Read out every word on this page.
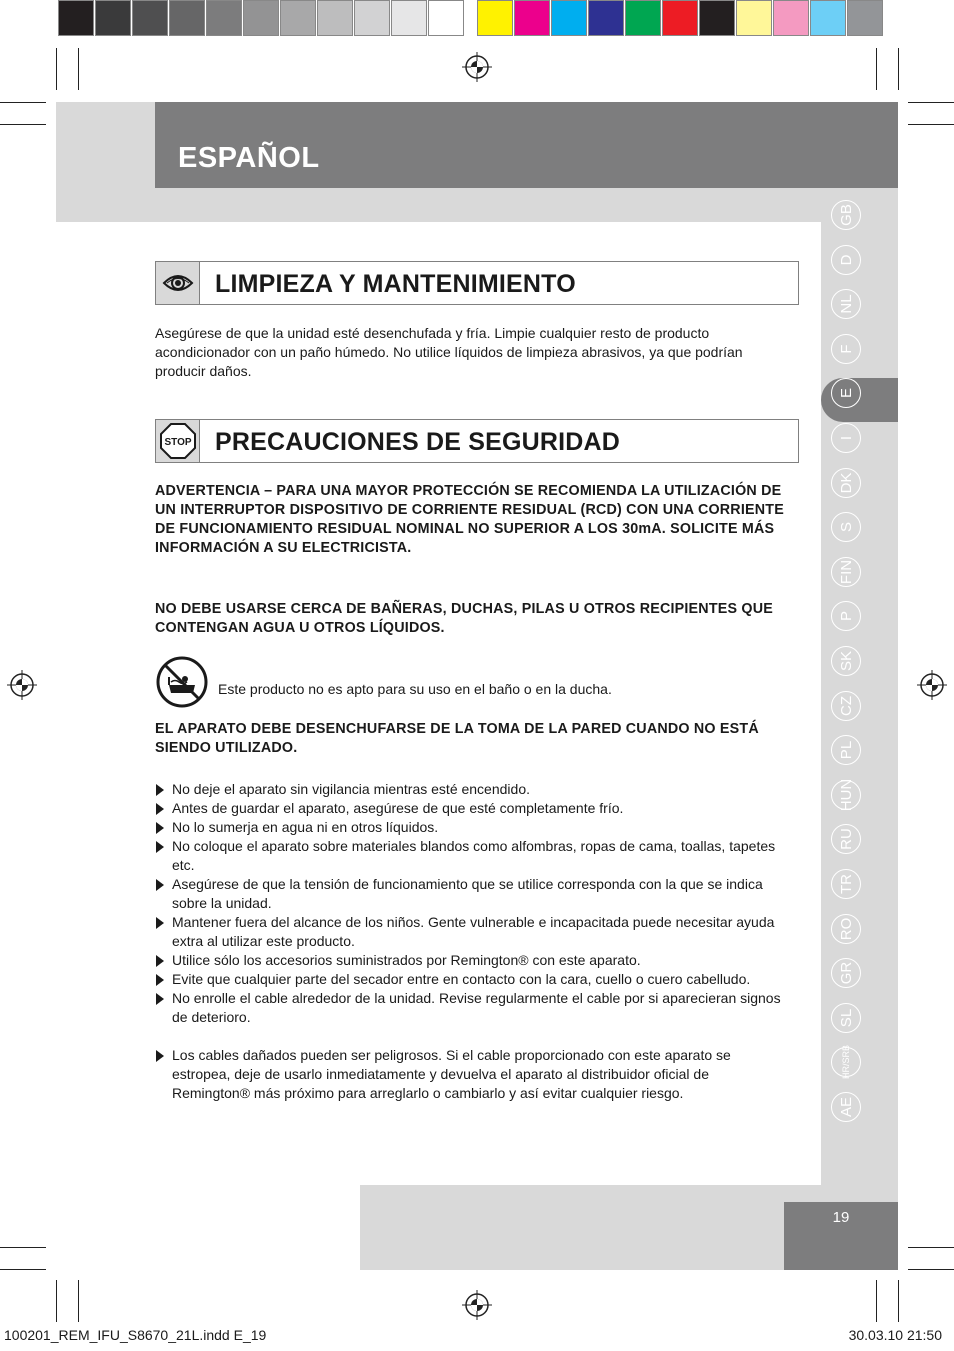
ESPAÑOL
GB
D
NL
F
E
I
DK
S
FIN
P
SK
CZ
PL
HUN
RU
TR
RO
GR
SL
HR/SRB
AE
19
LIMPIEZA Y MANTENIMIENTO
Asegúrese de que la unidad esté desenchufada y fría. Limpie cualquier resto de producto acondicionador con un paño húmedo. No utilice líquidos de limpieza abrasivos, ya que podrían producir daños.
STOP PRECAUCIONES DE SEGURIDAD
ADVERTENCIA – PARA UNA MAYOR PROTECCIÓN SE RECOMIENDA LA UTILIZACIÓN DE UN INTERRUPTOR DISPOSITIVO DE CORRIENTE RESIDUAL (RCD) CON UNA CORRIENTE DE FUNCIONAMIENTO RESIDUAL NOMINAL NO SUPERIOR A LOS 30mA. SOLICITE MÁS INFORMACIÓN A SU ELECTRICISTA.
NO DEBE USARSE CERCA DE BAÑERAS, DUCHAS, PILAS U OTROS RECIPIENTES QUE CONTENGAN AGUA U OTROS LÍQUIDOS.
Este producto no es apto para su uso en el baño o en la ducha.
EL APARATO DEBE DESENCHUFARSE DE LA TOMA DE LA PARED CUANDO NO ESTÁ SIENDO UTILIZADO.
No deje el aparato sin vigilancia mientras esté encendido.
Antes de guardar el aparato, asegúrese de que esté completamente frío.
No lo sumerja en agua ni en otros líquidos.
No coloque el aparato sobre materiales blandos como alfombras, ropas de cama, toallas, tapetes etc.
Asegúrese de que la tensión de funcionamiento que se utilice corresponda con la que se indica sobre la unidad.
Mantener fuera del alcance de los niños. Gente vulnerable e incapacitada puede necesitar ayuda extra al utilizar este producto.
Utilice sólo los accesorios suministrados por Remington® con este aparato.
Evite que cualquier parte del secador entre en contacto con la cara, cuello o cuero cabelludo.
No enrolle el cable alrededor de la unidad. Revise regularmente el cable por si aparecieran signos de deterioro.
Los cables dañados pueden ser peligrosos. Si el cable proporcionado con este aparato se estropea, deje de usarlo inmediatamente y devuelva el aparato al distribuidor oficial de Remington® más próximo para arreglarlo o cambiarlo y así evitar cualquier riesgo.
100201_REM_IFU_S8670_21L.indd E_19	30.03.10 21:50
